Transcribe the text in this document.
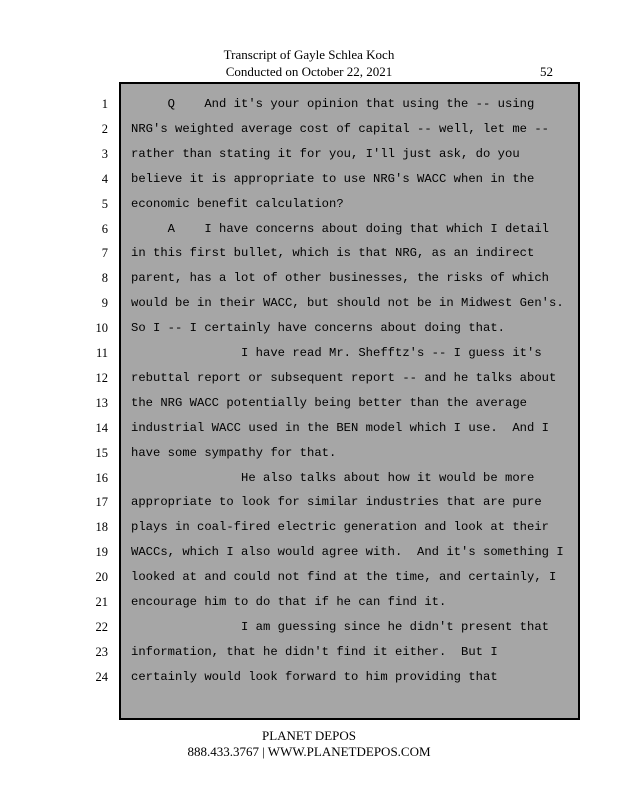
Transcript of Gayle Schlea Koch
Conducted on October 22, 2021	52
1
2
3
4
5
6
7
8
9
10
11
12
13
14
15
16
17
18
19
20
21
22
23
24
Q    And it's your opinion that using the -- using
NRG's weighted average cost of capital -- well, let me --
rather than stating it for you, I'll just ask, do you
believe it is appropriate to use NRG's WACC when in the
economic benefit calculation?
A    I have concerns about doing that which I detail
in this first bullet, which is that NRG, as an indirect
parent, has a lot of other businesses, the risks of which
would be in their WACC, but should not be in Midwest Gen's.
So I -- I certainly have concerns about doing that.
I have read Mr. Shefftz's -- I guess it's
rebuttal report or subsequent report -- and he talks about
the NRG WACC potentially being better than the average
industrial WACC used in the BEN model which I use.  And I
have some sympathy for that.
He also talks about how it would be more
appropriate to look for similar industries that are pure
plays in coal-fired electric generation and look at their
WACCs, which I also would agree with.  And it's something I
looked at and could not find at the time, and certainly, I
encourage him to do that if he can find it.
I am guessing since he didn't present that
information, that he didn't find it either.  But I
certainly would look forward to him providing that
PLANET DEPOS
888.433.3767 | WWW.PLANETDEPOS.COM
